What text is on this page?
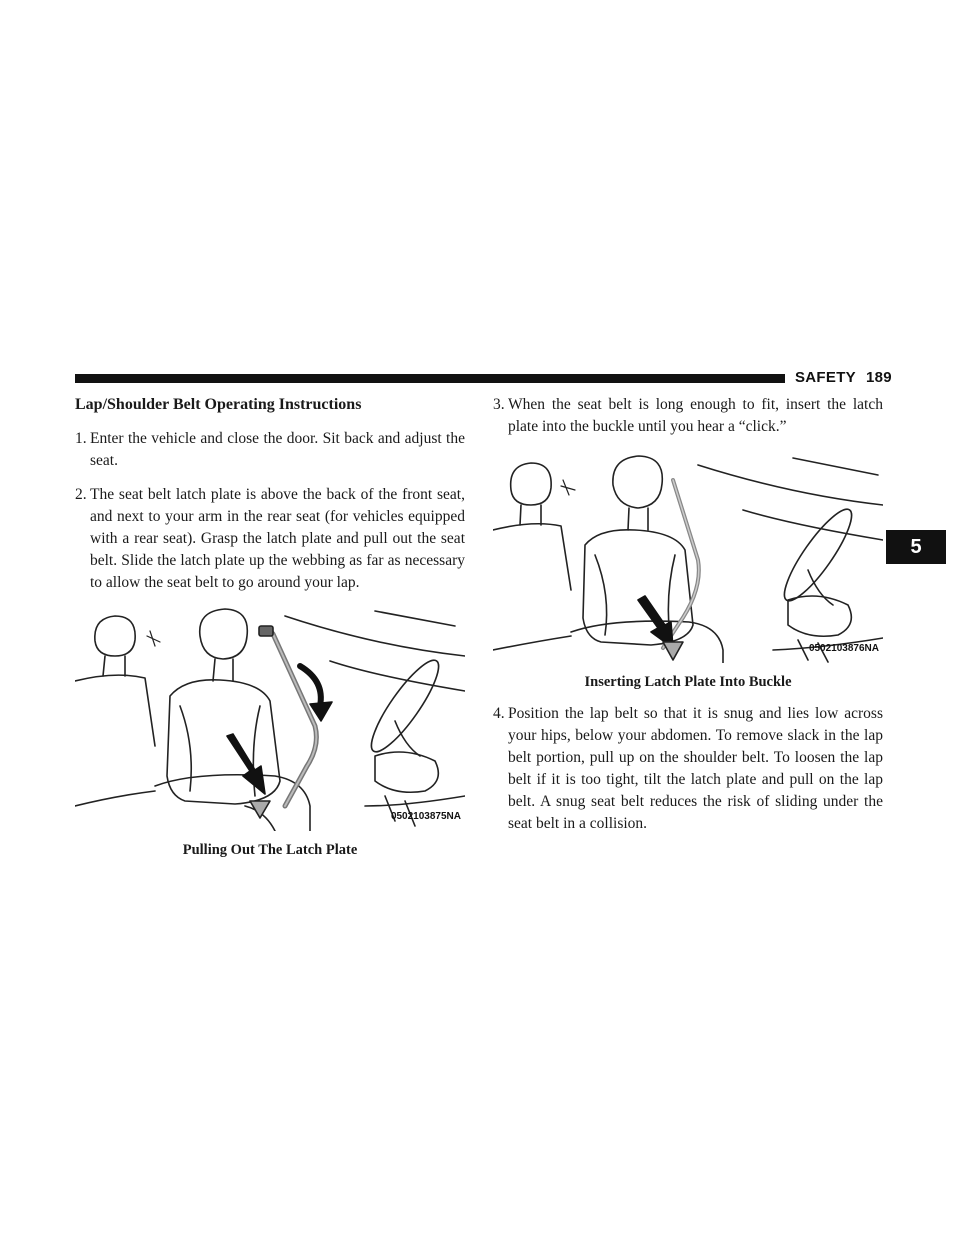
SAFETY 189
5
Lap/Shoulder Belt Operating Instructions
1. Enter the vehicle and close the door. Sit back and adjust the seat.
2. The seat belt latch plate is above the back of the front seat, and next to your arm in the rear seat (for vehicles equipped with a rear seat). Grasp the latch plate and pull out the seat belt. Slide the latch plate up the webbing as far as necessary to allow the seat belt to go around your lap.
0502103875NA
Pulling Out The Latch Plate
3. When the seat belt is long enough to fit, insert the latch plate into the buckle until you hear a “click.”
0502103876NA
Inserting Latch Plate Into Buckle
4. Position the lap belt so that it is snug and lies low across your hips, below your abdomen. To remove slack in the lap belt portion, pull up on the shoulder belt. To loosen the lap belt if it is too tight, tilt the latch plate and pull on the lap belt. A snug seat belt reduces the risk of sliding under the seat belt in a collision.
